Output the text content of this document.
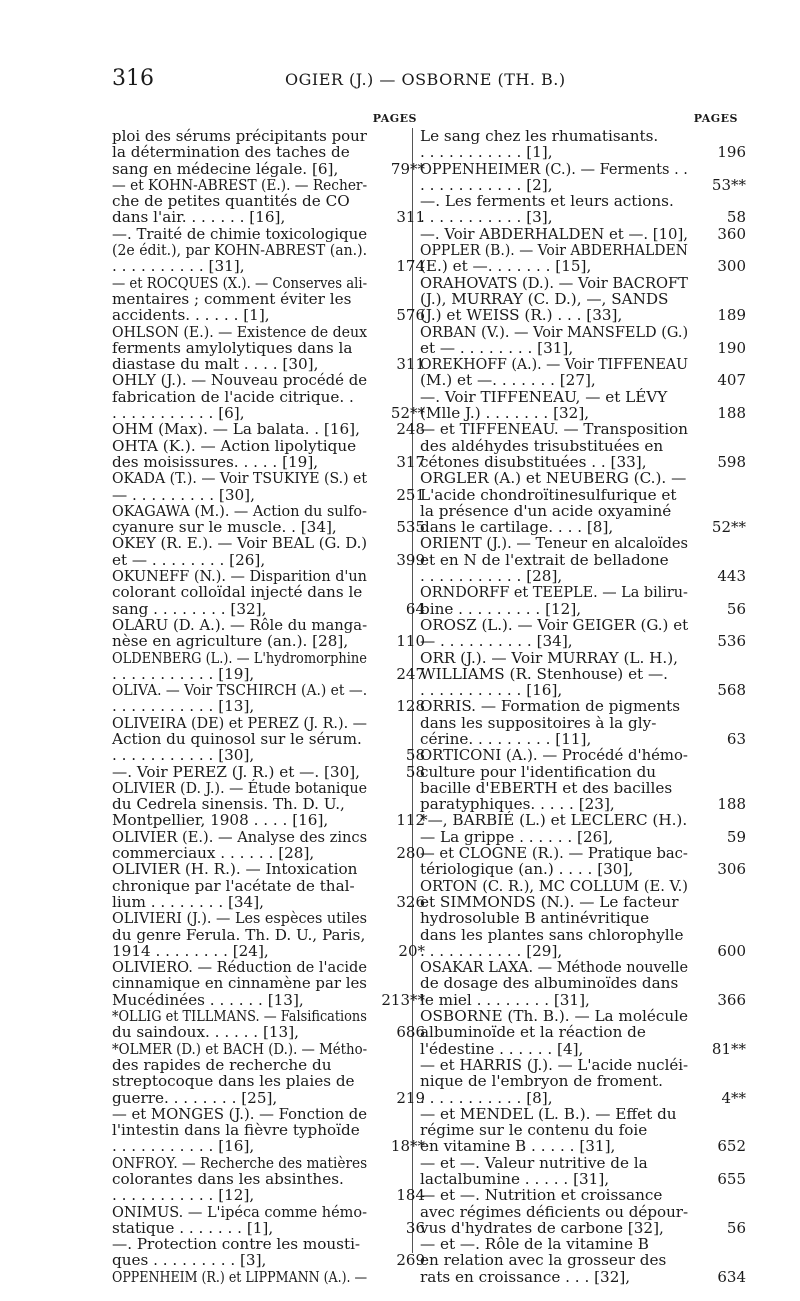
316	OGIER (J.) — OSBORNE (TH. B.)
PAGES
ploi des sérums précipitants pour
la détermination des taches de
sang en médecine légale. [6],	79**
— et KOHN-ABREST (E.). — Recher-
che de petites quantités de CO
dans l'air. . . . . . . [16],	311
—. Traité de chimie toxicologique
(2e édit.), par KOHN-ABREST (an.).
. . . . . . . . . . [31],	174
— et ROCQUES (X.). — Conserves ali-
mentaires ; comment éviter les
accidents. . . . . . [1],	576
OHLSON (E.). — Existence de deux
ferments amylolytiques dans la
diastase du malt . . . . [30],	311
OHLY (J.). — Nouveau procédé de
fabrication de l'acide citrique. .
. . . . . . . . . . . [6],	52**
OHM (Max). — La balata. . [16], 248
OHTA (K.). — Action lipolytique
des moisissures. . . . . [19],	317
OKADA (T.). — Voir TSUKIYE (S.) et
— . . . . . . . . . [30],	251
OKAGAWA (M.). — Action du sulfo-
cyanure sur le muscle. . [34],	535
OKEY (R. E.). — Voir BEAL (G. D.)
et — . . . . . . . . [26],	399
OKUNEFF (N.). — Disparition d'un
colorant colloïdal injecté dans le
sang . . . . . . . . [32],	64
OLARU (D. A.). — Rôle du manga-
nèse en agriculture (an.). [28],	110
OLDENBERG (L.). — L'hydromorphine
. . . . . . . . . . . [19],	247
OLIVA. — Voir TSCHIRCH (A.) et —.
. . . . . . . . . . . [13],	128
OLIVEIRA (DE) et PEREZ (J. R.). —
Action du quinosol sur le sérum.
. . . . . . . . . . . [30],	58
—. Voir PEREZ (J. R.) et —. [30],	58
OLIVIER (D. J.). — Étude botanique
du Cedrela sinensis. Th. D. U.,
Montpellier, 1908 . . . . [16],	112
OLIVIER (E.). — Analyse des zincs
commerciaux . . . . . . [28],	280
OLIVIER (H. R.). — Intoxication
chronique par l'acétate de thal-
lium . . . . . . . . [34],	326
OLIVIERI (J.). — Les espèces utiles
du genre Ferula. Th. D. U., Paris,
1914 . . . . . . . . [24],	20*
OLIVIERO. — Réduction de l'acide
cinnamique en cinnamène par les
Mucédinées . . . . . . [13],	213**
*OLLIG et TILLMANS. — Falsifications
du saindoux. . . . . . [13],	686
*OLMER (D.) et BACH (D.). — Métho-
des rapides de recherche du
streptocoque dans les plaies de
guerre. . . . . . . . [25],	219
— et MONGES (J.). — Fonction de
l'intestin dans la fièvre typhoïde
. . . . . . . . . . . [16],	18**
ONFROY. — Recherche des matières
colorantes dans les absinthes.
. . . . . . . . . . . [12],	184
ONIMUS. — L'ipéca comme hémo-
statique . . . . . . . [1],	36
—. Protection contre les mousti-
ques . . . . . . . . . [3],	269
OPPENHEIM (R.) et LIPPMANN (A.). —
PAGES
Le sang chez les rhumatisants.
. . . . . . . . . . . [1],	196
OPPENHEIMER (C.). — Ferments . .
. . . . . . . . . . . [2],	53**
—. Les ferments et leurs actions.
. . . . . . . . . . . [3],	58
—. Voir ABDERHALDEN et —. [10], 360
OPPLER (B.). — Voir ABDERHALDEN
(E.) et —. . . . . . . [15],	300
ORAHOVATS (D.). — Voir BACROFT
(J.), MURRAY (C. D.), —, SANDS
(J.) et WEISS (R.) . . . [33],	189
ORBAN (V.). — Voir MANSFELD (G.)
et — . . . . . . . . [31],	190
OREKHOFF (A.). — Voir TIFFENEAU
(M.) et —. . . . . . . [27],	407
—. Voir TIFFENEAU, — et LÉVY
(Mlle J.) . . . . . . . [32],	188
— et TIFFENEAU. — Transposition
des aldéhydes trisubstituées en
cétones disubstituées . . [33],	598
ORGLER (A.) et NEUBERG (C.). —
L'acide chondroïtinesulfurique et
la présence d'un acide oxyaminé
dans le cartilage. . . . [8],	52**
ORIENT (J.). — Teneur en alcaloïdes
et en N de l'extrait de belladone
. . . . . . . . . . . [28],	443
ORNDORFF et TEEPLE. — La biliru-
bine . . . . . . . . . [12],	56
OROSZ (L.). — Voir GEIGER (G.) et
— . . . . . . . . . . [34],	536
ORR (J.). — Voir MURRAY (L. H.),
WILLIAMS (R. Stenhouse) et —.
. . . . . . . . . . . [16],	568
ORRIS. — Formation de pigments
dans les suppositoires à la gly-
cérine. . . . . . . . . [11],	63
ORTICONI (A.). — Procédé d'hémo-
culture pour l'identification du
bacille d'EBERTH et des bacilles
paratyphiques. . . . . [23],	188
*—, BARBIÉ (L.) et LECLERC (H.).
— La grippe . . . . . . [26],	59
— et CLOGNE (R.). — Pratique bac-
tériologique (an.) . . . . [30],	306
ORTON (C. R.), MC COLLUM (E. V.)
et SIMMONDS (N.). — Le facteur
hydrosoluble B antinévritique
dans les plantes sans chlorophylle
. . . . . . . . . . . [29],	600
OSAKAR LAXA. — Méthode nouvelle
de dosage des albuminoïdes dans
le miel . . . . . . . . [31],	366
OSBORNE (Th. B.). — La molécule
albuminoïde et la réaction de
l'édestine . . . . . . [4],	81**
— et HARRIS (J.). — L'acide nucléi-
nique de l'embryon de froment.
. . . . . . . . . . . [8],	4**
— et MENDEL (L. B.). — Effet du
régime sur le contenu du foie
en vitamine B . . . . . [31],	652
— et —. Valeur nutritive de la
lactalbumine . . . . . [31],	655
— et —. Nutrition et croissance
avec régimes déficients ou dépour-
vus d'hydrates de carbone [32],	56
— et —. Rôle de la vitamine B
en relation avec la grosseur des
rats en croissance . . . [32],	634
